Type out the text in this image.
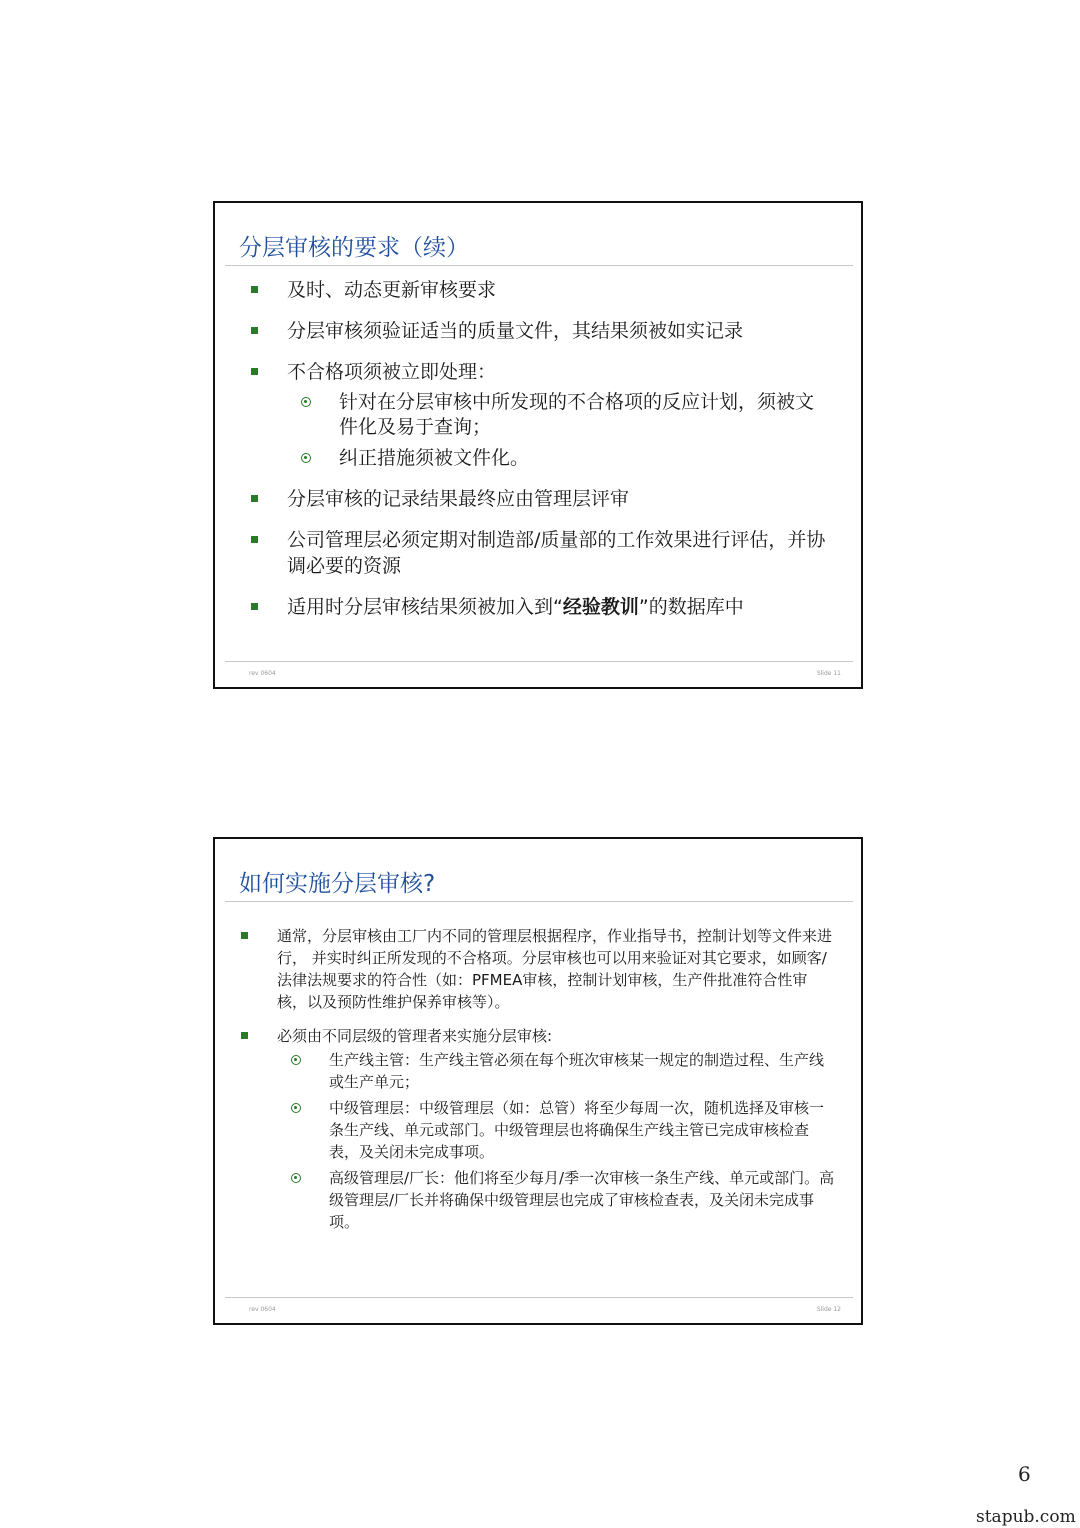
分层审核的要求（续）
及时、动态更新审核要求
分层审核须验证适当的质量文件，其结果须被如实记录
不合格项须被立即处理：
针对在分层审核中所发现的不合格项的反应计划，须被文件化及易于查询；
纠正措施须被文件化。
分层审核的记录结果最终应由管理层评审
公司管理层必须定期对制造部/质量部的工作效果进行评估，并协调必要的资源
适用时分层审核结果须被加入到“经验教训”的数据库中
rev 0604	Slide 11
如何实施分层审核?
通常，分层审核由工厂内不同的管理层根据程序，作业指导书，控制计划等文件来进行， 并实时纠正所发现的不合格项。分层审核也可以用来验证对其它要求，如顾客/法律法规要求的符合性（如：PFMEA审核，控制计划审核，生产件批准符合性审核，以及预防性维护保养审核等）。
必须由不同层级的管理者来实施分层审核:
生产线主管：生产线主管必须在每个班次审核某一规定的制造过程、生产线或生产单元；
中级管理层：中级管理层（如：总管）将至少每周一次，随机选择及审核一条生产线、单元或部门。中级管理层也将确保生产线主管已完成审核检查表，及关闭未完成事项。
高级管理层/厂长：他们将至少每月/季一次审核一条生产线、单元或部门。高级管理层/厂长并将确保中级管理层也完成了审核检查表，及关闭未完成事项。
rev 0604	Slide 12
6
stapub.com
